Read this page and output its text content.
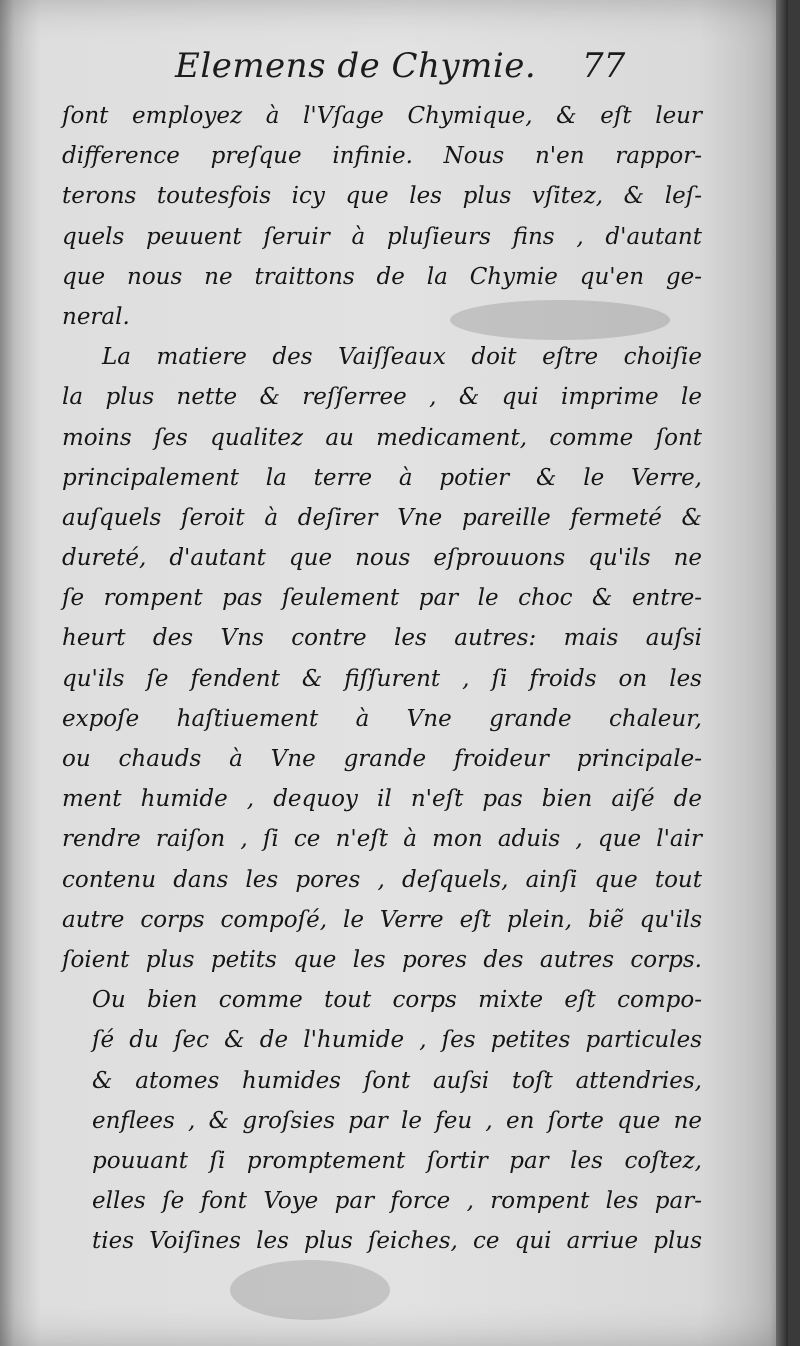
Elemens de Chymie. 77
ſont employez à l'Vſage Chymique, & eſt leur
difference preſque infinie. Nous n'en rappor-
terons toutesfois icy que les plus vſitez, & leſ-
quels peuuent ſeruir à pluſieurs fins , d'autant
que nous ne traittons de la Chymie qu'en ge-
neral.
La matiere des Vaiſſeaux doit eſtre choiſie
la plus nette & reſſerree , & qui imprime le
moins ſes qualitez au medicament, comme ſont
principalement la terre à potier & le Verre,
auſquels ſeroit à deſirer Vne pareille fermeté &
dureté, d'autant que nous eſprouuons qu'ils ne
ſe rompent pas ſeulement par le choc & entre-
heurt des Vns contre les autres: mais auſsi
qu'ils ſe fendent & fiſſurent , ſi froids on les
expoſe haſtiuement à Vne grande chaleur,
ou chauds à Vne grande froideur principale-
ment humide , dequoy il n'eſt pas bien aiſé de
rendre raiſon , ſi ce n'eſt à mon aduis , que l'air
contenu dans les pores , deſquels, ainſi que tout
autre corps compoſé, le Verre eſt plein, biẽ qu'ils
ſoient plus petits que les pores des autres corps.
Ou bien comme tout corps mixte eſt compo-
ſé du ſec & de l'humide , ſes petites particules
& atomes humides ſont auſsi toſt attendries,
enflees , & groſsies par le feu , en ſorte que ne
pouuant ſi promptement ſortir par les coſtez,
elles ſe font Voye par force , rompent les par-
ties Voiſines les plus ſeiches, ce qui arriue plus
